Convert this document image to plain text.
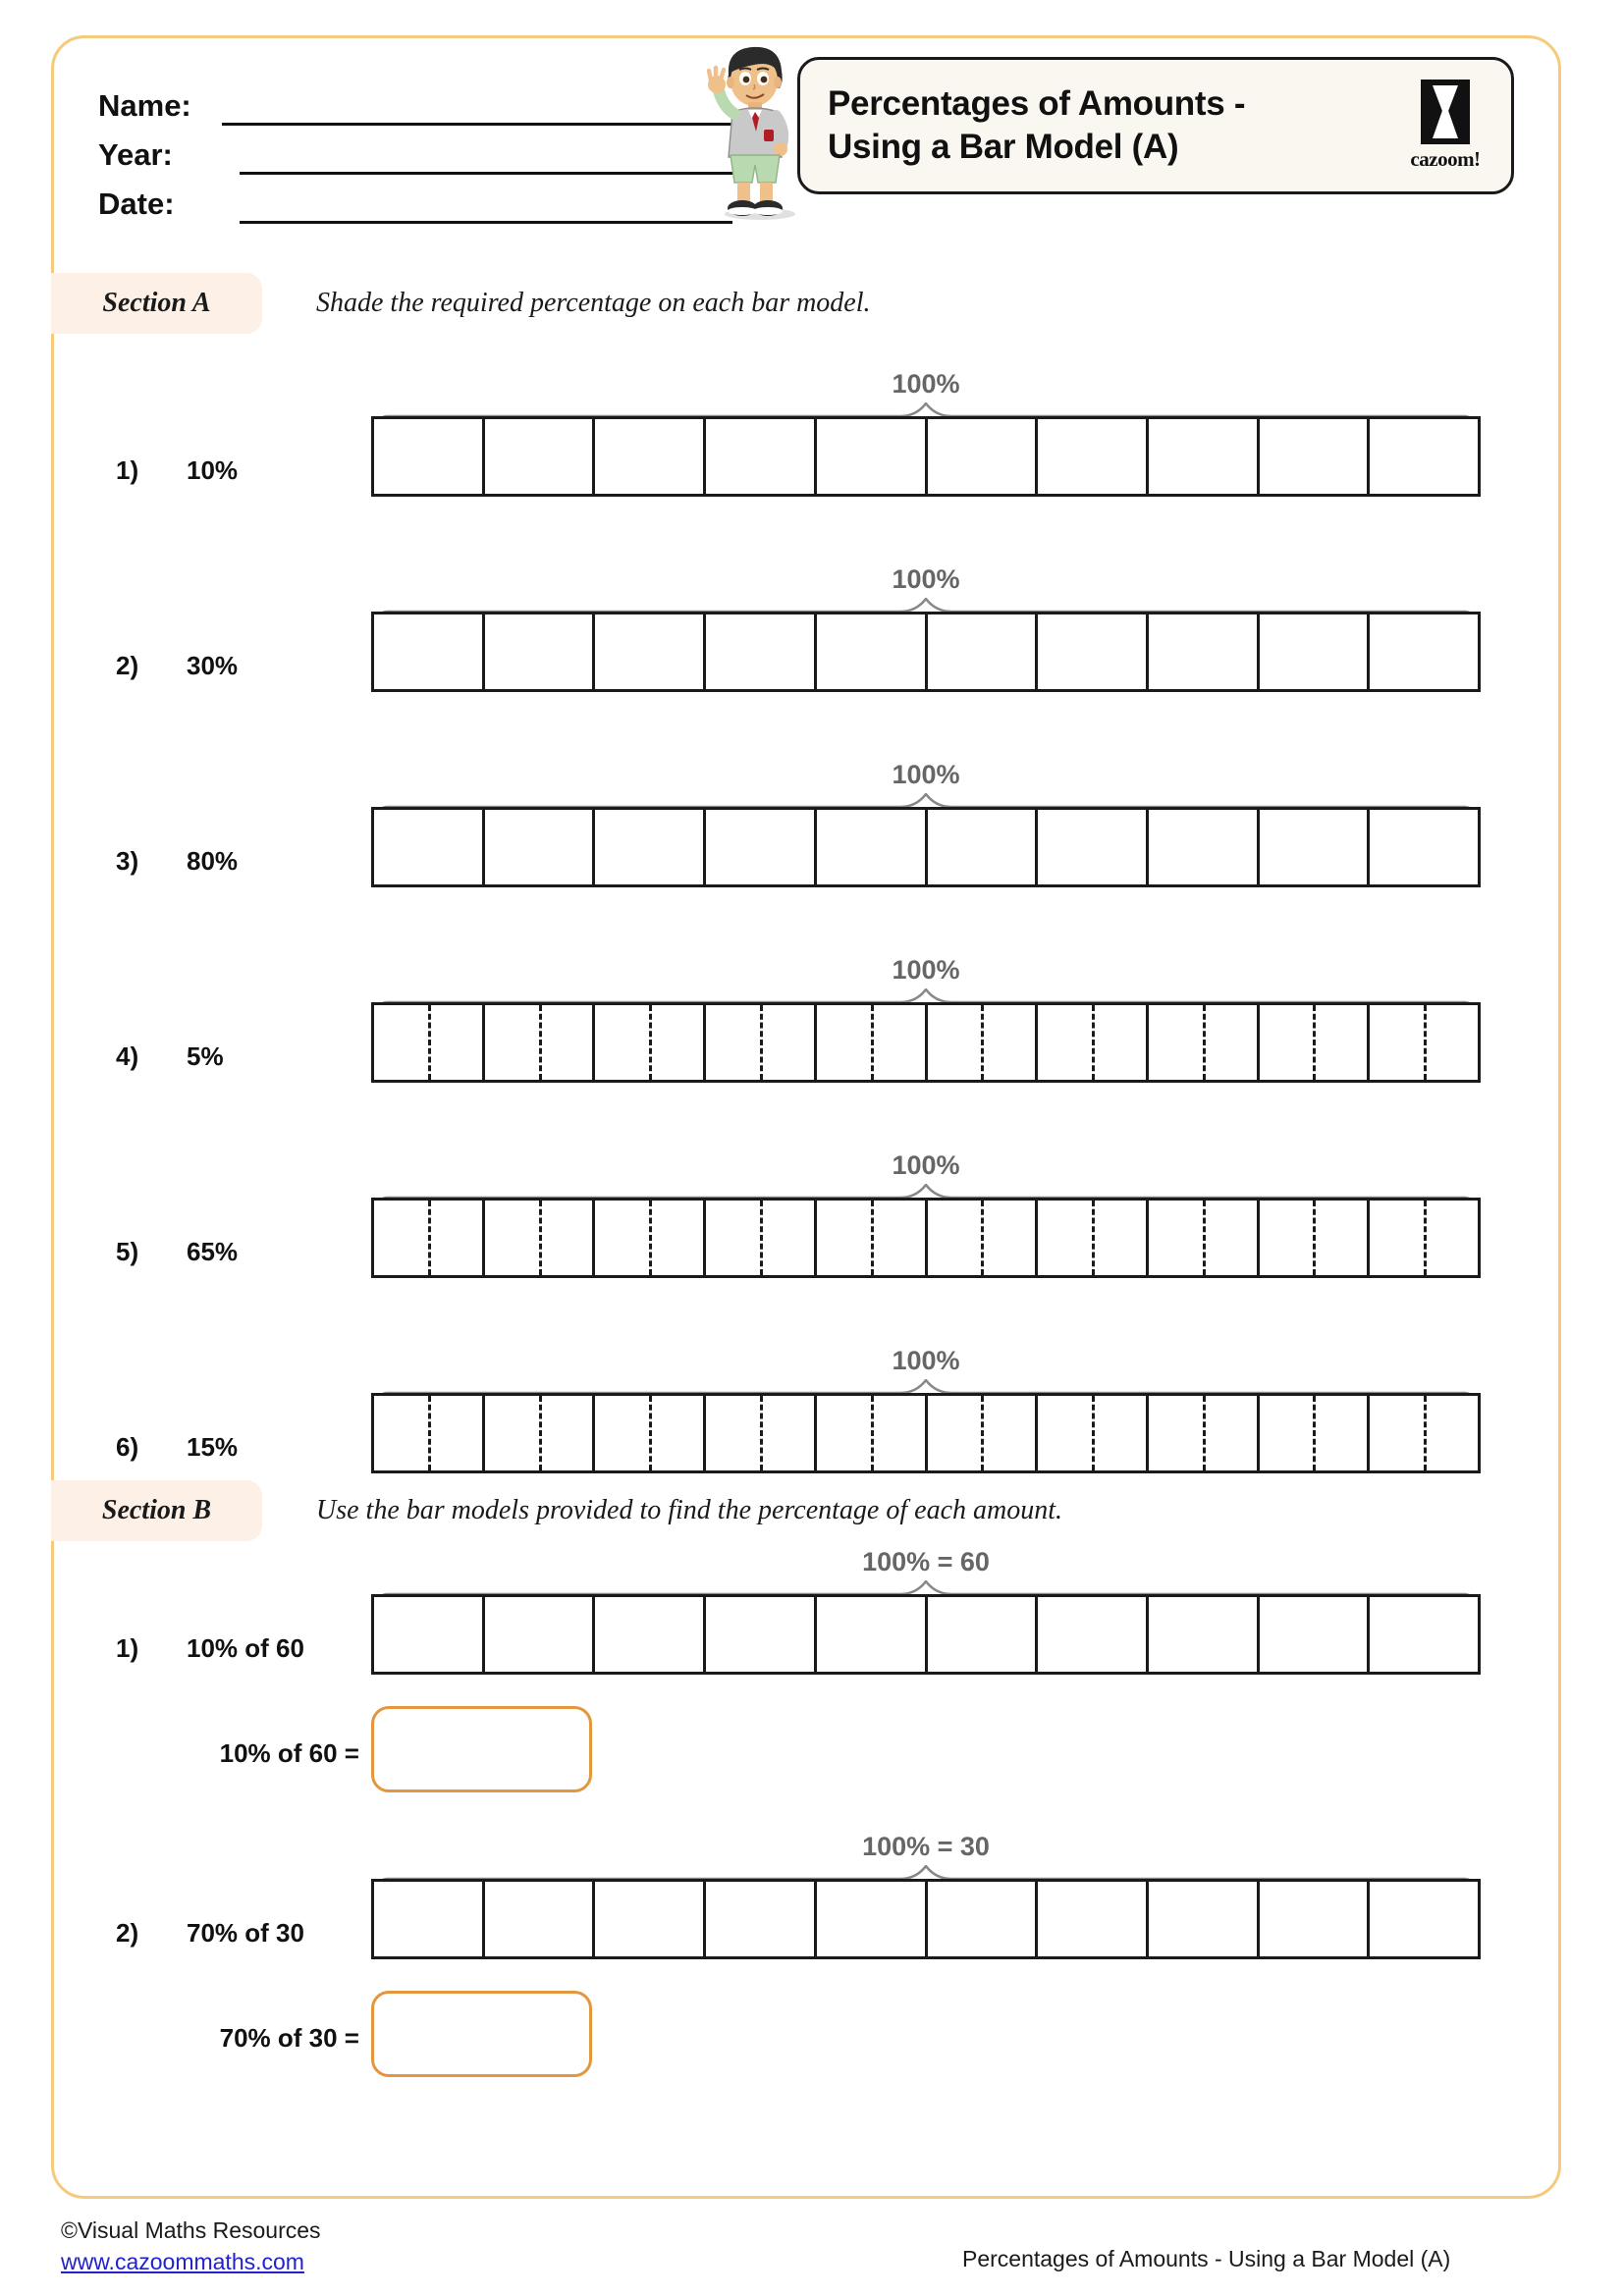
Name:
Year:
Date:
Percentages of Amounts -
Using a Bar Model (A)	cazoom!
Section A	Shade the required percentage on each bar model.
100%
1)	10%
100%
2)	30%
100%
3)	80%
100%
4)	5%
100%
5)	65%
100%
6)	15%
Section B	Use the bar models provided to find the percentage of each amount.
100% = 60
1)	10% of 60
10% of 60 =
100% = 30
2)	70% of 30
70% of 30 =
©Visual Maths Resources
www.cazoommaths.com	Percentages of Amounts - Using a Bar Model (A)
